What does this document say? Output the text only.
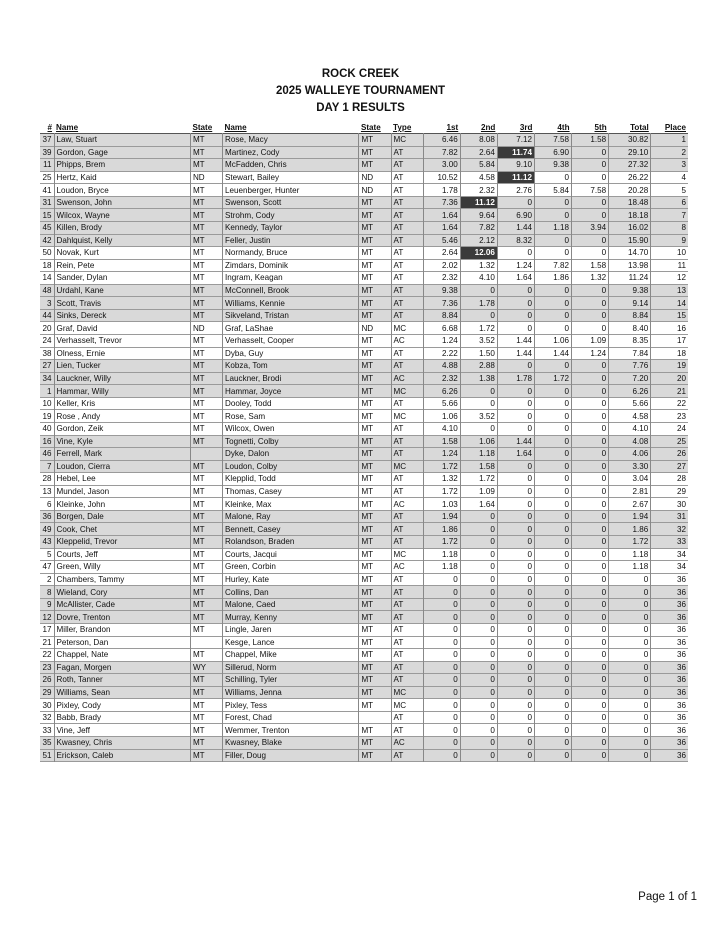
ROCK CREEK
2025 WALLEYE TOURNAMENT
DAY 1 RESULTS
#	Name	State	Name	State	Type	1st	2nd	3rd	4th	5th	Total	Place
37	Law, Stuart	MT	Rose, Macy	MT	MC	6.46	8.08	7.12	7.58	1.58	30.82	1
39	Gordon, Gage	MT	Martinez, Cody	MT	AT	7.82	2.64	11.74	6.90	0	29.10	2
11	Phipps, Brem	MT	McFadden, Chris	MT	AT	3.00	5.84	9.10	9.38	0	27.32	3
25	Hertz, Kaid	ND	Stewart, Bailey	ND	AT	10.52	4.58	11.12	0	0	26.22	4
41	Loudon, Bryce	MT	Leuenberger, Hunter	ND	AT	1.78	2.32	2.76	5.84	7.58	20.28	5
31	Swenson, John	MT	Swenson, Scott	MT	AT	7.36	11.12	0	0	0	18.48	6
15	Wilcox, Wayne	MT	Strohm, Cody	MT	AT	1.64	9.64	6.90	0	0	18.18	7
45	Killen, Brody	MT	Kennedy, Taylor	MT	AT	1.64	7.82	1.44	1.18	3.94	16.02	8
42	Dahlquist, Kelly	MT	Feller, Justin	MT	AT	5.46	2.12	8.32	0	0	15.90	9
50	Novak, Kurt	MT	Normandy, Bruce	MT	AT	2.64	12.06	0	0	0	14.70	10
18	Rein, Pete	MT	Zimdars, Dominik	MT	AT	2.02	1.32	1.24	7.82	1.58	13.98	11
14	Sander, Dylan	MT	Ingram, Keagan	MT	AT	2.32	4.10	1.64	1.86	1.32	11.24	12
48	Urdahl, Kane	MT	McConnell, Brook	MT	AT	9.38	0	0	0	0	9.38	13
3	Scott, Travis	MT	Williams, Kennie	MT	AT	7.36	1.78	0	0	0	9.14	14
44	Sinks, Dereck	MT	Sikveland, Tristan	MT	AT	8.84	0	0	0	0	8.84	15
20	Graf, David	ND	Graf, LaShae	ND	MC	6.68	1.72	0	0	0	8.40	16
24	Verhasselt, Trevor	MT	Verhasselt, Cooper	MT	AC	1.24	3.52	1.44	1.06	1.09	8.35	17
38	Olness, Ernie	MT	Dyba, Guy	MT	AT	2.22	1.50	1.44	1.44	1.24	7.84	18
27	Lien, Tucker	MT	Kobza, Tom	MT	AT	4.88	2.88	0	0	0	7.76	19
34	Lauckner, Willy	MT	Lauckner, Brodi	MT	AC	2.32	1.38	1.78	1.72	0	7.20	20
1	Hammar, Willy	MT	Hammar, Joyce	MT	MC	6.26	0	0	0	0	6.26	21
10	Keller, Kris	MT	Dooley, Todd	MT	AT	5.66	0	0	0	0	5.66	22
19	Rose , Andy	MT	Rose, Sam	MT	MC	1.06	3.52	0	0	0	4.58	23
40	Gordon, Zeik	MT	Wilcox, Owen	MT	AT	4.10	0	0	0	0	4.10	24
16	Vine, Kyle	MT	Tognetti, Colby	MT	AT	1.58	1.06	1.44	0	0	4.08	25
46	Ferrell, Mark		Dyke, Dalon	MT	AT	1.24	1.18	1.64	0	0	4.06	26
7	Loudon, Cierra	MT	Loudon, Colby	MT	MC	1.72	1.58	0	0	0	3.30	27
28	Hebel, Lee	MT	Klepplid, Todd	MT	AT	1.32	1.72	0	0	0	3.04	28
13	Mundel, Jason	MT	Thomas, Casey	MT	AT	1.72	1.09	0	0	0	2.81	29
6	Kleinke, John	MT	Kleinke, Max	MT	AC	1.03	1.64	0	0	0	2.67	30
36	Borgen, Dale	MT	Malone, Ray	MT	AT	1.94	0	0	0	0	1.94	31
49	Cook, Chet	MT	Bennett, Casey	MT	AT	1.86	0	0	0	0	1.86	32
43	Kleppelid, Trevor	MT	Rolandson, Braden	MT	AT	1.72	0	0	0	0	1.72	33
5	Courts, Jeff	MT	Courts, Jacqui	MT	MC	1.18	0	0	0	0	1.18	34
47	Green, Willy	MT	Green, Corbin	MT	AC	1.18	0	0	0	0	1.18	34
2	Chambers, Tammy	MT	Hurley, Kate	MT	AT	0	0	0	0	0	0	36
8	Wieland, Cory	MT	Collins, Dan	MT	AT	0	0	0	0	0	0	36
9	McAllister, Cade	MT	Malone, Caed	MT	AT	0	0	0	0	0	0	36
12	Dovre, Trenton	MT	Murray, Kenny	MT	AT	0	0	0	0	0	0	36
17	Miller, Brandon	MT	Lingle, Jaren	MT	AT	0	0	0	0	0	0	36
21	Peterson, Dan		Kesge, Lance	MT	AT	0	0	0	0	0	0	36
22	Chappel, Nate	MT	Chappel, Mike	MT	AT	0	0	0	0	0	0	36
23	Fagan, Morgen	WY	Sillerud, Norm	MT	AT	0	0	0	0	0	0	36
26	Roth, Tanner	MT	Schilling, Tyler	MT	AT	0	0	0	0	0	0	36
29	Williams, Sean	MT	Williams, Jenna	MT	MC	0	0	0	0	0	0	36
30	Pixley, Cody	MT	Pixley, Tess	MT	MC	0	0	0	0	0	0	36
32	Babb, Brady	MT	Forest, Chad		AT	0	0	0	0	0	0	36
33	Vine, Jeff	MT	Wemmer, Trenton	MT	AT	0	0	0	0	0	0	36
35	Kwasney, Chris	MT	Kwasney, Blake	MT	AC	0	0	0	0	0	0	36
51	Erickson, Caleb	MT	Filler, Doug	MT	AT	0	0	0	0	0	0	36
Page 1 of 1
